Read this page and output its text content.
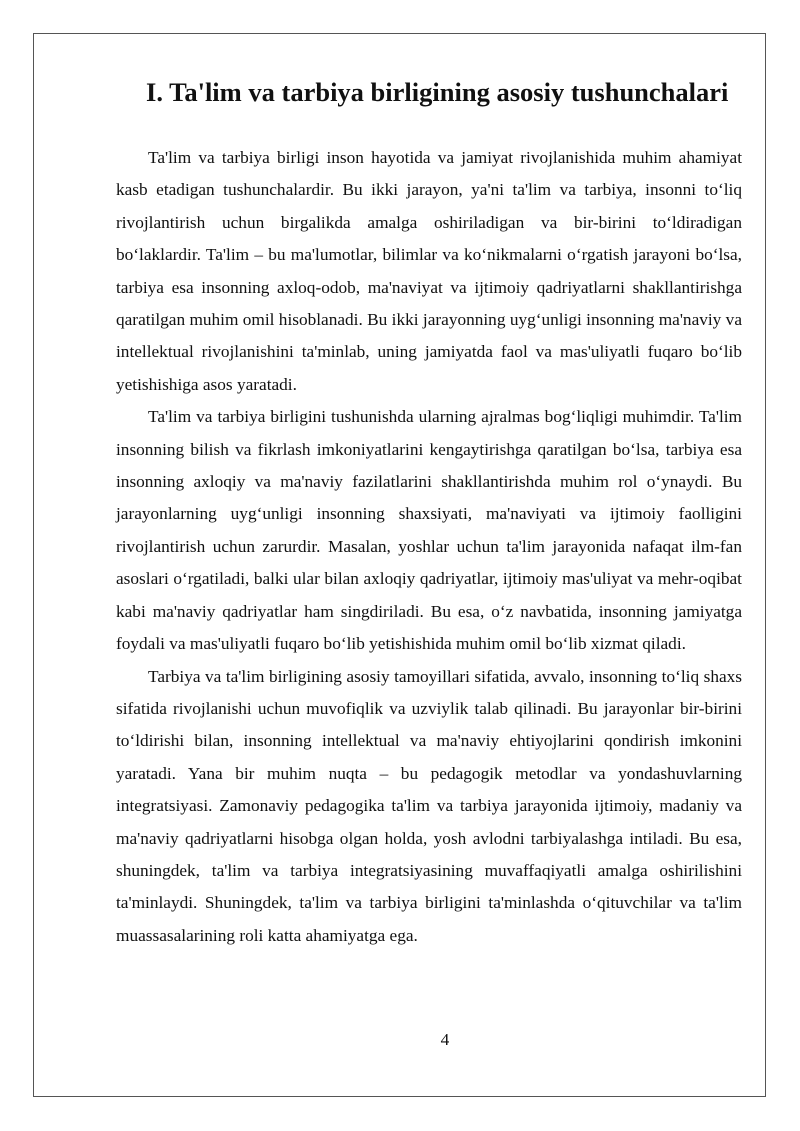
I. Ta'lim va tarbiya birligining asosiy tushunchalari

Ta'lim va tarbiya birligi inson hayotida va jamiyat rivojlanishida muhim ahamiyat kasb etadigan tushunchalardir. Bu ikki jarayon, ya'ni ta'lim va tarbiya, insonni to‘liq rivojlantirish uchun birgalikda amalga oshiriladigan va bir-birini to‘ldiradigan bo‘laklardir. Ta'lim – bu ma'lumotlar, bilimlar va ko‘nikmalarni o‘rgatish jarayoni bo‘lsa, tarbiya esa insonning axloq-odob, ma'naviyat va ijtimoiy qadriyatlarni shakllantirishga qaratilgan muhim omil hisoblanadi. Bu ikki jarayonning uyg‘unligi insonning ma'naviy va intellektual rivojlanishini ta'minlab, uning jamiyatda faol va mas'uliyatli fuqaro bo‘lib yetishishiga asos yaratadi.

Ta'lim va tarbiya birligini tushunishda ularning ajralmas bog‘liqligi muhimdir. Ta'lim insonning bilish va fikrlash imkoniyatlarini kengaytirishga qaratilgan bo‘lsa, tarbiya esa insonning axloqiy va ma'naviy fazilatlarini shakllantirishda muhim rol o‘ynaydi. Bu jarayonlarning uyg‘unligi insonning shaxsiyati, ma'naviyati va ijtimoiy faolligini rivojlantirish uchun zarurdir. Masalan, yoshlar uchun ta'lim jarayonida nafaqat ilm-fan asoslari o‘rgatiladi, balki ular bilan axloqiy qadriyatlar, ijtimoiy mas'uliyat va mehr-oqibat kabi ma'naviy qadriyatlar ham singdiriladi. Bu esa, o‘z navbatida, insonning jamiyatga foydali va mas'uliyatli fuqaro bo‘lib yetishishida muhim omil bo‘lib xizmat qiladi.

Tarbiya va ta'lim birligining asosiy tamoyillari sifatida, avvalo, insonning to‘liq shaxs sifatida rivojlanishi uchun muvofiqlik va uzviylik talab qilinadi. Bu jarayonlar bir-birini to‘ldirishi bilan, insonning intellektual va ma'naviy ehtiyojlarini qondirish imkonini yaratadi. Yana bir muhim nuqta – bu pedagogik metodlar va yondashuvlarning integratsiyasi. Zamonaviy pedagogika ta'lim va tarbiya jarayonida ijtimoiy, madaniy va ma'naviy qadriyatlarni hisobga olgan holda, yosh avlodni tarbiyalashga intiladi. Bu esa, shuningdek, ta'lim va tarbiya integratsiyasining muvaffaqiyatli amalga oshirilishini ta'minlaydi. Shuningdek, ta'lim va tarbiya birligini ta'minlashda o‘qituvchilar va ta'lim muassasalarining roli katta ahamiyatga ega.

4
